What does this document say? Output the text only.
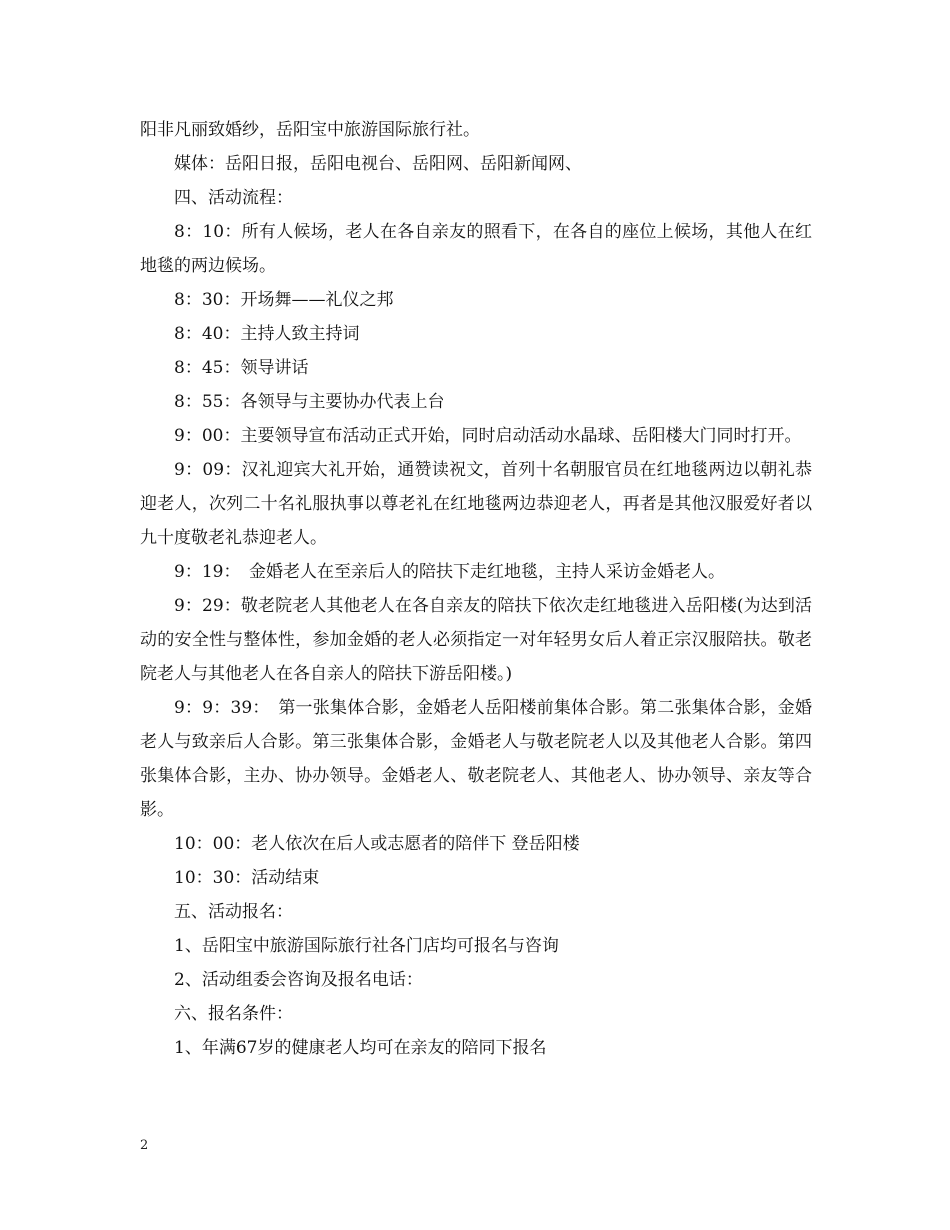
阳非凡丽致婚纱，岳阳宝中旅游国际旅行社。

媒体：岳阳日报，岳阳电视台、岳阳网、岳阳新闻网、

四、活动流程：

8：10：所有人候场，老人在各自亲友的照看下，在各自的座位上候场，其他人在红地毯的两边候场。

8：30：开场舞——礼仪之邦

8：40：主持人致主持词

8：45：领导讲话

8：55：各领导与主要协办代表上台

9：00：主要领导宣布活动正式开始，同时启动活动水晶球、岳阳楼大门同时打开。

9：09：汉礼迎宾大礼开始，通赞读祝文，首列十名朝服官员在红地毯两边以朝礼恭迎老人，次列二十名礼服执事以尊老礼在红地毯两边恭迎老人，再者是其他汉服爱好者以九十度敬老礼恭迎老人。

9：19：　金婚老人在至亲后人的陪扶下走红地毯，主持人采访金婚老人。

9：29：敬老院老人其他老人在各自亲友的陪扶下依次走红地毯进入岳阳楼(为达到活动的安全性与整体性，参加金婚的老人必须指定一对年轻男女后人着正宗汉服陪扶。敬老院老人与其他老人在各自亲人的陪扶下游岳阳楼。)

9：9：39：　第一张集体合影，金婚老人岳阳楼前集体合影。第二张集体合影，金婚老人与致亲后人合影。第三张集体合影，金婚老人与敬老院老人以及其他老人合影。第四张集体合影，主办、协办领导。金婚老人、敬老院老人、其他老人、协办领导、亲友等合影。

10：00：老人依次在后人或志愿者的陪伴下 登岳阳楼

10：30：活动结束

五、活动报名：

1、岳阳宝中旅游国际旅行社各门店均可报名与咨询

2、活动组委会咨询及报名电话：

六、报名条件：

1、年满67岁的健康老人均可在亲友的陪同下报名

2
